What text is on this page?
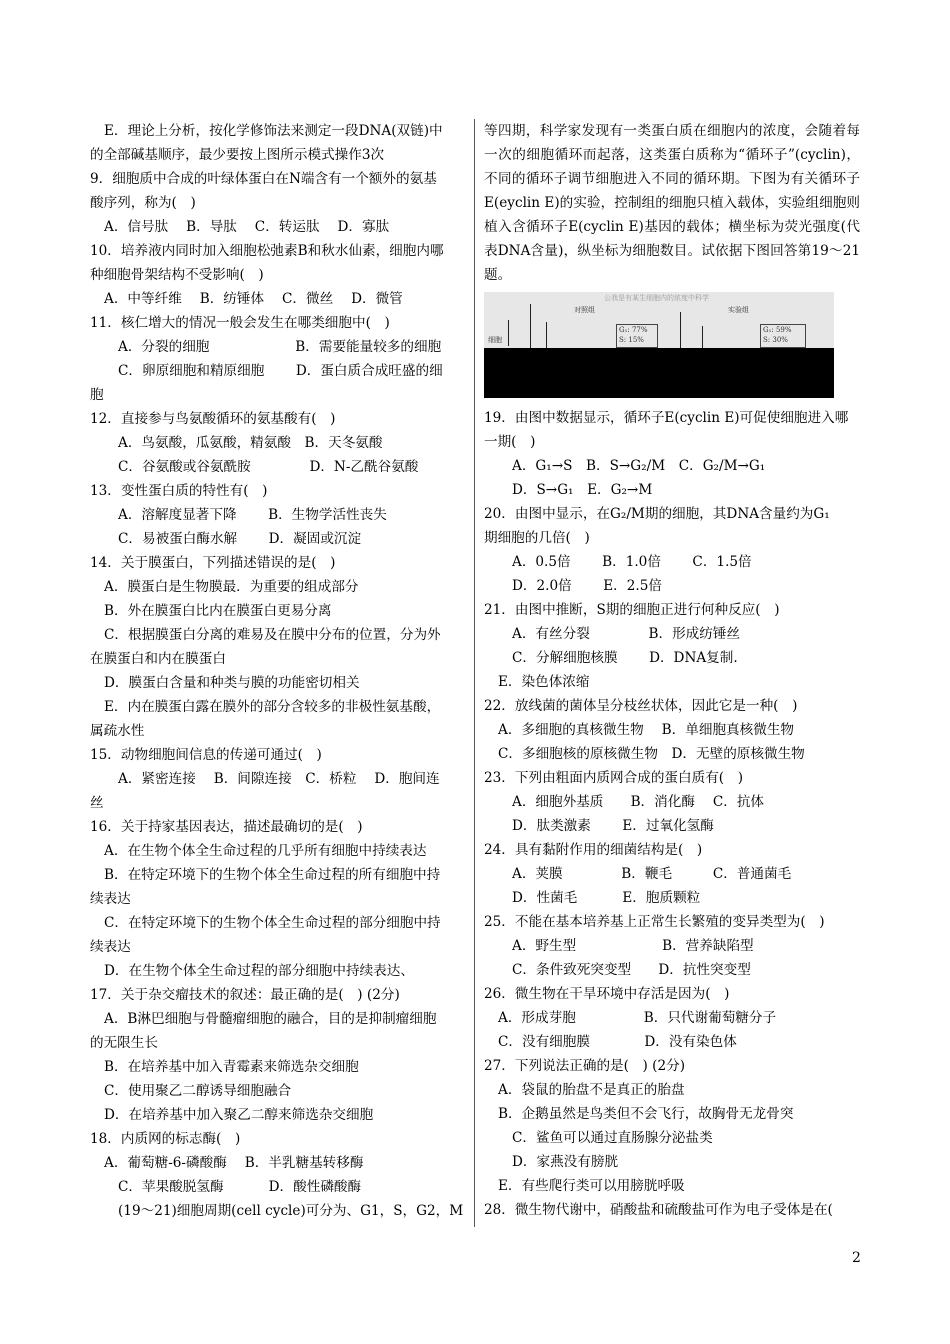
E．理论上分析，按化学修饰法来测定一段DNA(双链)中
的全部碱基顺序，最少要按上图所示模式操作3次
9．细胞质中合成的叶绿体蛋白在N端含有一个额外的氨基
酸序列，称为(　)
A．信号肽　 B．导肽　 C．转运肽　 D．寡肽
10．培养液内同时加入细胞松弛素B和秋水仙素，细胞内哪
种细胞骨架结构不受影响(　)
A．中等纤维　 B．纺锤体　 C．微丝　 D．微管
11．核仁增大的情况一般会发生在哪类细胞中(　)
A．分裂的细胞　　　　　　 B．需要能量较多的细胞
C．卵原细胞和精原细胞　　 D．蛋白质合成旺盛的细
胞
12．直接参与鸟氨酸循环的氨基酸有(　)
A．鸟氨酸，瓜氨酸，精氨酸　B．天冬氨酸
C．谷氨酸或谷氨酰胺　　　　 D．N-乙酰谷氨酸
13．变性蛋白质的特性有(　)
A．溶解度显著下降　　 B．生物学活性丧失
C．易被蛋白酶水解　　 D．凝固或沉淀
14．关于膜蛋白，下列描述错误的是(　)
A．膜蛋白是生物膜最．为重要的组成部分
B．外在膜蛋白比内在膜蛋白更易分离
C．根据膜蛋白分离的难易及在膜中分布的位置，分为外
在膜蛋白和内在膜蛋白
D．膜蛋白含量和种类与膜的功能密切相关
E．内在膜蛋白露在膜外的部分含较多的非极性氨基酸，
属疏水性
15．动物细胞间信息的传递可通过(　)
A．紧密连接　 B．间隙连接　C．桥粒　 D．胞间连
丝
16．关于持家基因表达，描述最确切的是(　)
A．在生物个体全生命过程的几乎所有细胞中持续表达
B．在特定环境下的生物个体全生命过程的所有细胞中持
续表达
C．在特定环境下的生物个体全生命过程的部分细胞中持
续表达
D．在生物个体全生命过程的部分细胞中持续表达、
17．关于杂交瘤技术的叙述：最正确的是(　) (2分)
A．B淋巴细胞与骨髓瘤细胞的融合，目的是抑制瘤细胞
的无限生长
B．在培养基中加入青霉素来筛选杂交细胞
C．使用聚乙二醇诱导细胞融合
D．在培养基中加入聚乙二醇来筛选杂交细胞
18．内质网的标志酶(　)
A．葡萄糖-6-磷酸酶　 B．半乳糖基转移酶
C．苹果酸脱氢酶　　　 D．酸性磷酸酶
(19～21)细胞周期(cell cycle)可分为、G1，S，G2，M
等四期，科学家发现有一类蛋白质在细胞内的浓度，会随着每一次的细胞循环而起落，这类蛋白质称为“循环子”(cyclin)，不同的循环子调节细胞进入不同的循环期。下图为有关循环子E(eyclin E)的实验，控制组的细胞只植入载体，实验组细胞则植入含循环子E(cyclin E)基因的载体；横坐标为荧光强度(代表DNA含量)，纵坐标为细胞数目。试依据下图回答第19～21题。
公我是有某生细胞内的浓度中科学
细胞
对照组
G₁: 77%
S: 15%
实验组
G₁: 59%
S: 30%
19．由图中数据显示，循环子E(cyclin E)可促使细胞进入哪
一期(　)
A．G₁→S　B．S→G₂/M　C．G₂/M→G₁
D．S→G₁　E．G₂→M
20．由图中显示，在G₂/M期的细胞，其DNA含量约为G₁
期细胞的几倍(　)
A．0.5倍　　 B．1.0倍　　 C．1.5倍
D．2.0倍　　 E．2.5倍
21．由图中推断，S期的细胞正进行何种反应(　)
A．有丝分裂　　　　 B．形成纺锤丝
C．分解细胞核膜　　 D．DNA复制.
E．染色体浓缩
22．放线菌的菌体呈分枝丝状体，因此它是一种(　)
A．多细胞的真核微生物　 B．单细胞真核微生物
C．多细胞核的原核微生物　D．无壁的原核微生物
23．下列由粗面内质网合成的蛋白质有(　)
A．细胞外基质　　B．消化酶　 C．抗体
D．肽类激素　　 E．过氧化氢酶
24．具有黏附作用的细菌结构是(　)
A．荚膜　　　　 B．鞭毛　　　C．普通菌毛
D．性菌毛　　　 E．胞质颗粒
25．不能在基本培养基上正常生长繁殖的变异类型为(　)
A．野生型　　　　　　 B．营养缺陷型
C．条件致死突变型　　D．抗性突变型
26．微生物在干旱环境中存活是因为(　)
A．形成芽胞　　　　　B．只代谢葡萄糖分子
C．没有细胞膜　　　　D．没有染色体
27．下列说法正确的是(　) (2分)
A．袋鼠的胎盘不是真正的胎盘
B．企鹅虽然是鸟类但不会飞行，故胸骨无龙骨突
C．鲨鱼可以通过直肠腺分泌盐类
D．家燕没有膀胱
E．有些爬行类可以用膀胱呼吸
28．微生物代谢中，硝酸盐和硫酸盐可作为电子受体是在(
2
